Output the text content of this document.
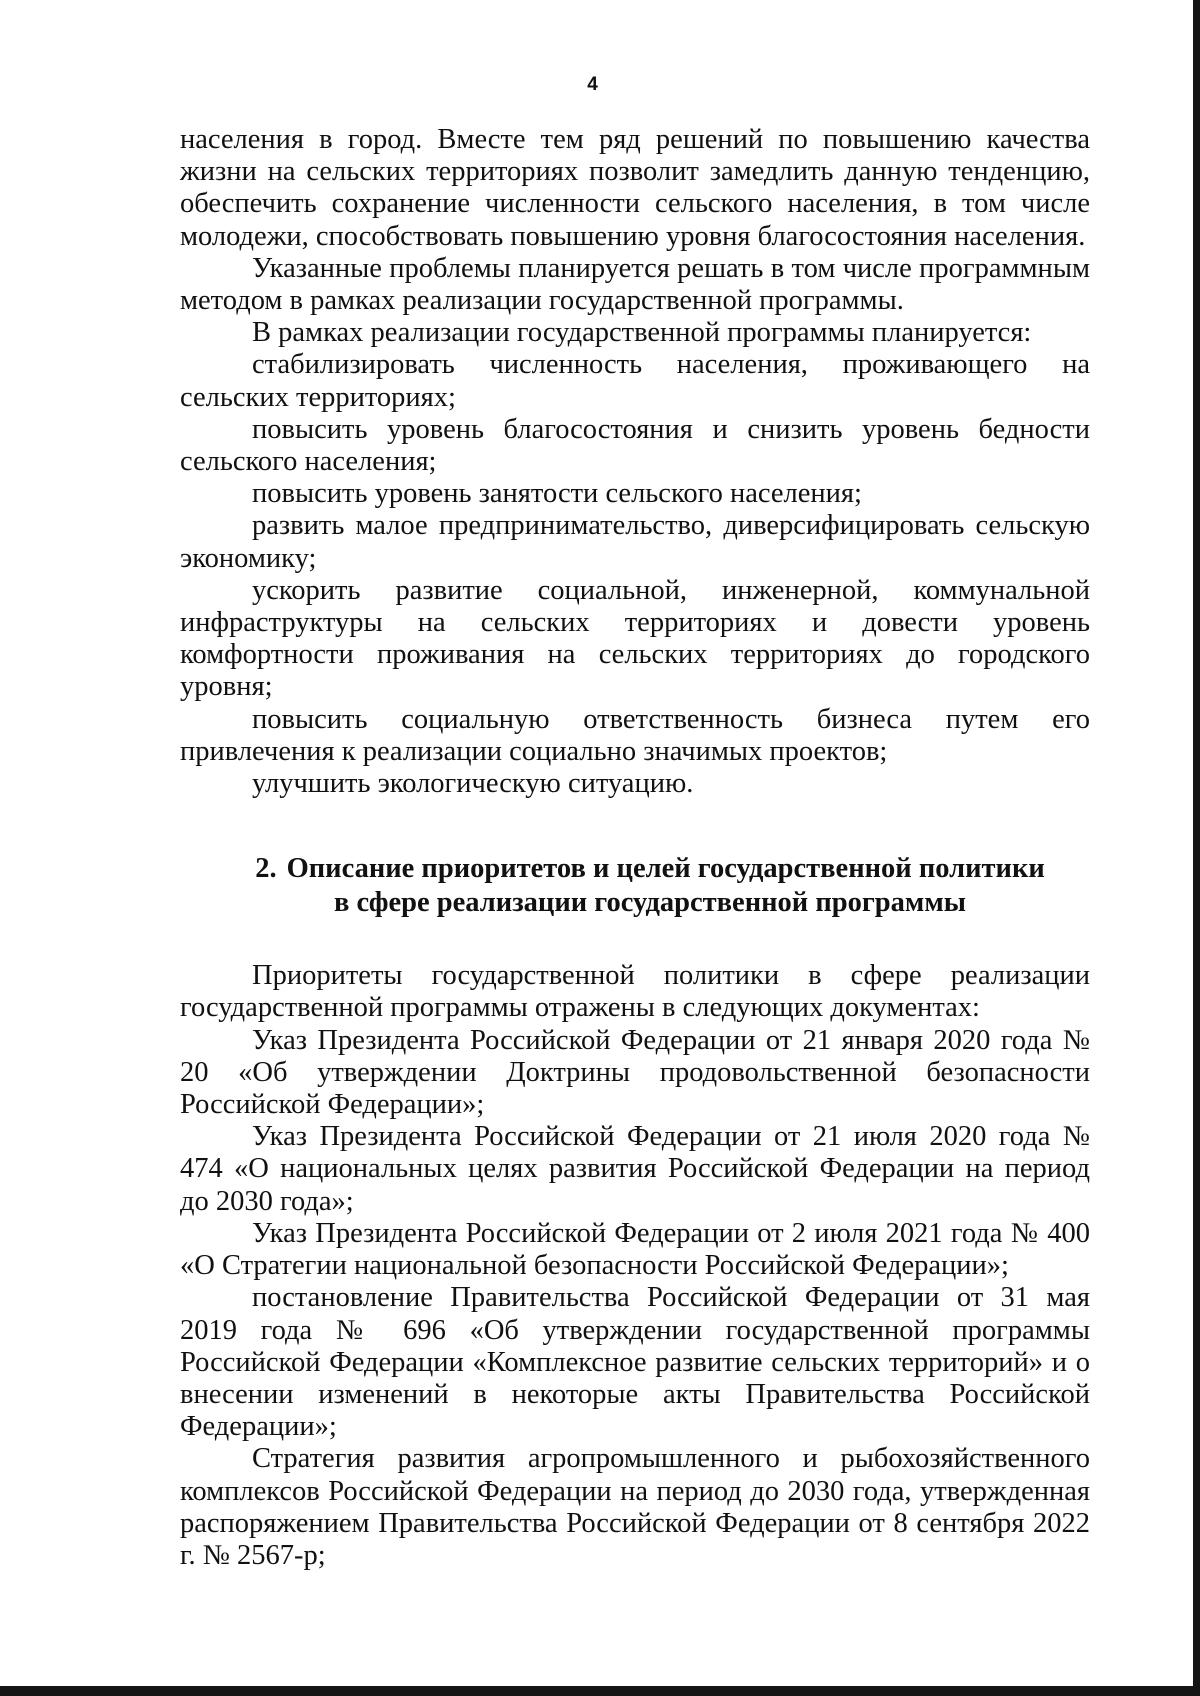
4

населения в город. Вместе тем ряд решений по повышению качества жизни на сельских территориях позволит замедлить данную тенденцию, обеспечить сохранение численности сельского населения, в том числе молодежи, способствовать повышению уровня благосостояния населения.

Указанные проблемы планируется решать в том числе программным методом в рамках реализации государственной программы.

В рамках реализации государственной программы планируется:

стабилизировать численность населения, проживающего на сельских территориях;

повысить уровень благосостояния и снизить уровень бедности сельского населения;

повысить уровень занятости сельского населения;

развить малое предпринимательство, диверсифицировать сельскую экономику;

ускорить развитие социальной, инженерной, коммунальной инфраструктуры на сельских территориях и довести уровень комфортности проживания на сельских территориях до городского уровня;

повысить социальную ответственность бизнеса путем его привлечения к реализации социально значимых проектов;

улучшить экологическую ситуацию.

2. Описание приоритетов и целей государственной политики
в сфере реализации государственной программы

Приоритеты государственной политики в сфере реализации государственной программы отражены в следующих документах:

Указ Президента Российской Федерации от 21 января 2020 года № 20 «Об утверждении Доктрины продовольственной безопасности Российской Федерации»;

Указ Президента Российской Федерации от 21 июля 2020 года № 474 «О национальных целях развития Российской Федерации на период до 2030 года»;

Указ Президента Российской Федерации от 2 июля 2021 года № 400 «О Стратегии национальной безопасности Российской Федерации»;

постановление Правительства Российской Федерации от 31 мая 2019 года № 696 «Об утверждении государственной программы Российской Федерации «Комплексное развитие сельских территорий» и о внесении изменений в некоторые акты Правительства Российской Федерации»;

Стратегия развития агропромышленного и рыбохозяйственного комплексов Российской Федерации на период до 2030 года, утвержденная распоряжением Правительства Российской Федерации от 8 сентября 2022 г. № 2567-р;
